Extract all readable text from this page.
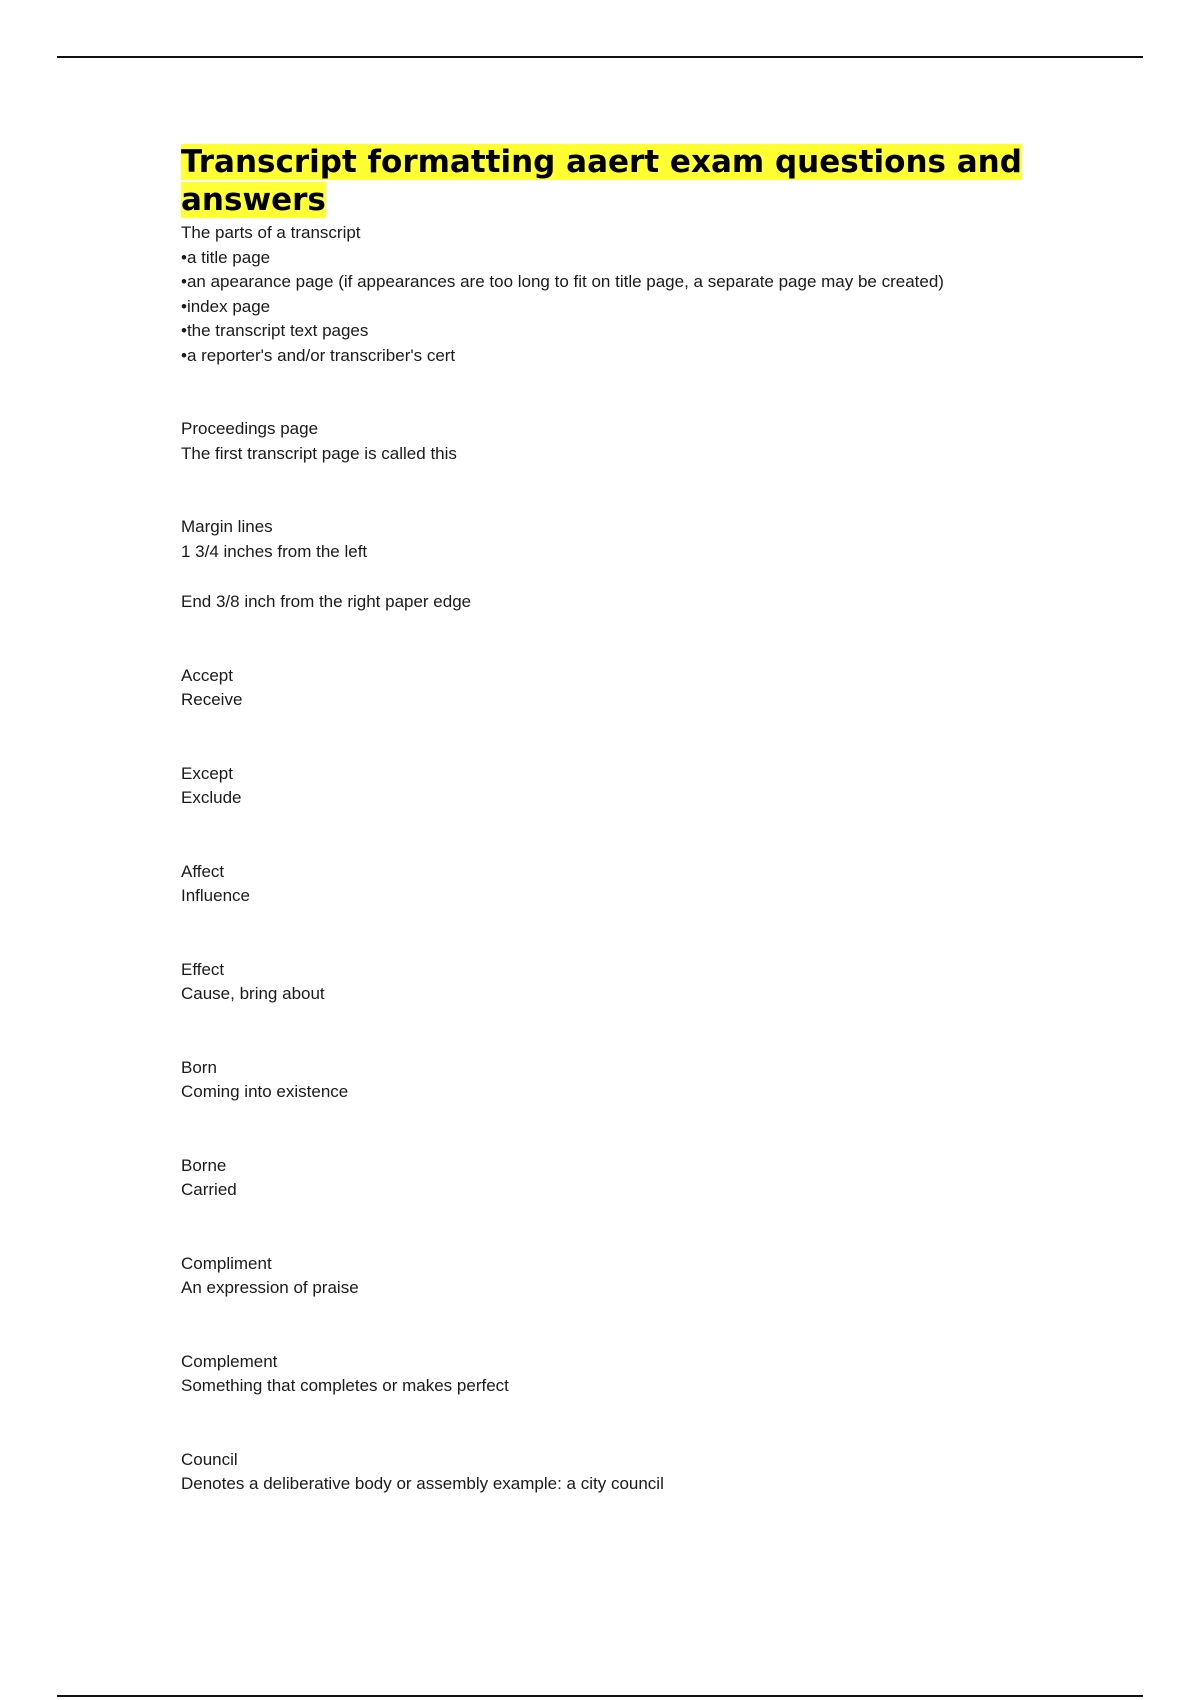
Transcript formatting aaert exam questions and answers
The parts of a transcript
•a title page
•an apearance page (if appearances are too long to fit on title page, a separate page may be created)
•index page
•the transcript text pages
•a reporter's and/or transcriber's cert
Proceedings page
The first transcript page is called this
Margin lines
1 3/4 inches from the left
End 3/8 inch from the right paper edge
Accept
Receive
Except
Exclude
Affect
Influence
Effect
Cause, bring about
Born
Coming into existence
Borne
Carried
Compliment
An expression of praise
Complement
Something that completes or makes perfect
Council
Denotes a deliberative body or assembly example: a city council
